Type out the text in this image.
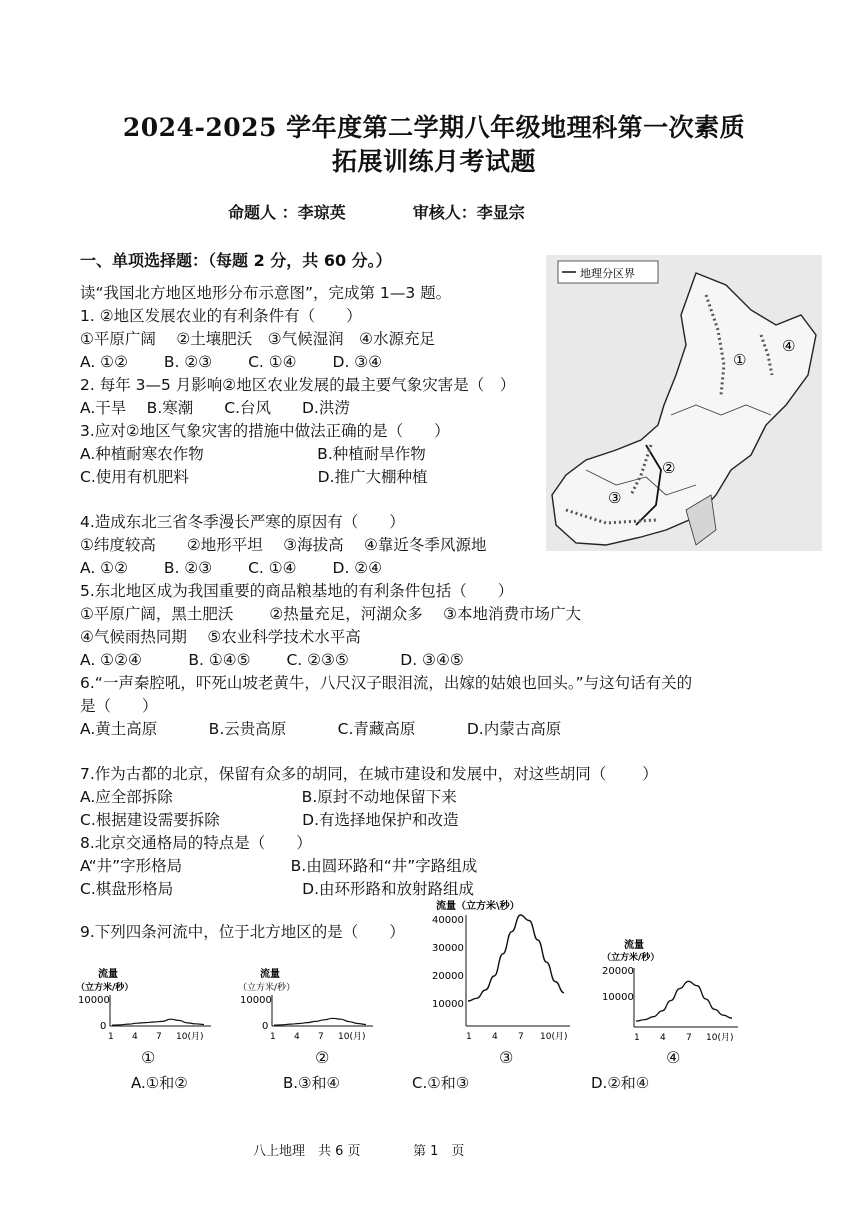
2024-2025 学年度第二学期八年级地理科第一次素质
拓展训练月考试题
命题人 ：李琼英	审核人：李显宗
一、单项选择题：（每题 2 分，共 60 分。）
读“我国北方地区地形分布示意图”，完成第 1—3 题。
1. ②地区发展农业的有利条件有（　　）
①平原广阔　 ②土壤肥沃　③气候湿润　④水源充足
A. ①②　　 B. ②③　　 C. ①④　　 D. ③④
2. 每年 3—5 月影响②地区农业发展的最主要气象灾害是（　）
A.干旱　 B.寒潮　　C.台风　　D.洪涝
3.应对②地区气象灾害的措施中做法正确的是（　　）
A.种植耐寒农作物　　　　　　　 B.种植耐旱作物
C.使用有机肥料　　　　　　　　 D.推广大棚种植
4.造成东北三省冬季漫长严寒的原因有（　　）
①纬度较高　　②地形平坦　 ③海拔高　 ④靠近冬季风源地
A. ①②　　 B. ②③　　 C. ①④　　 D. ②④
5.东北地区成为我国重要的商品粮基地的有利条件包括（　　）
①平原广阔，黑土肥沃　　 ②热量充足，河湖众多　 ③本地消费市场广大
④气候雨热同期　 ⑤农业科学技术水平高
A. ①②④　　　B. ①④⑤　　 C. ②③⑤　　　 D. ③④⑤
6.“一声秦腔吼，吓死山坡老黄牛，八尺汉子眼泪流，出嫁的姑娘也回头。”与这句话有关的
是（　　）
A.黄土高原　　　 B.云贵高原　　　 C.青藏高原　　　 D.内蒙古高原
7.作为古都的北京，保留有众多的胡同，在城市建设和发展中，对这些胡同（　　 ）
A.应全部拆除　　　　　　　　 B.原封不动地保留下来
C.根据建设需要拆除　　　　　 D.有选择地保护和改造
8.北京交通格局的特点是（　　）
A“井”字形格局　　　　　　　B.由圆环路和“井”字路组成
C.棋盘形格局　　　　　　　　 D.由环形路和放射路组成
9.下列四条河流中，位于北方地区的是（　　）
地理分区界
①
②
③
④
流量
（立方米/秒）
10000
0
1 4 7 10(月)
①
流量
（立方米/秒）
10000
0
1 4 7 10(月)
②
流量（立方米\秒）
40000
30000
20000
10000
1 4 7 10(月)
③
流量
（立方米/秒）
20000
10000
1 4 7 10(月)
④
A.①和②	B.③和④	C.①和③	D.②和④
八上地理　共 6 页	第 1　页
